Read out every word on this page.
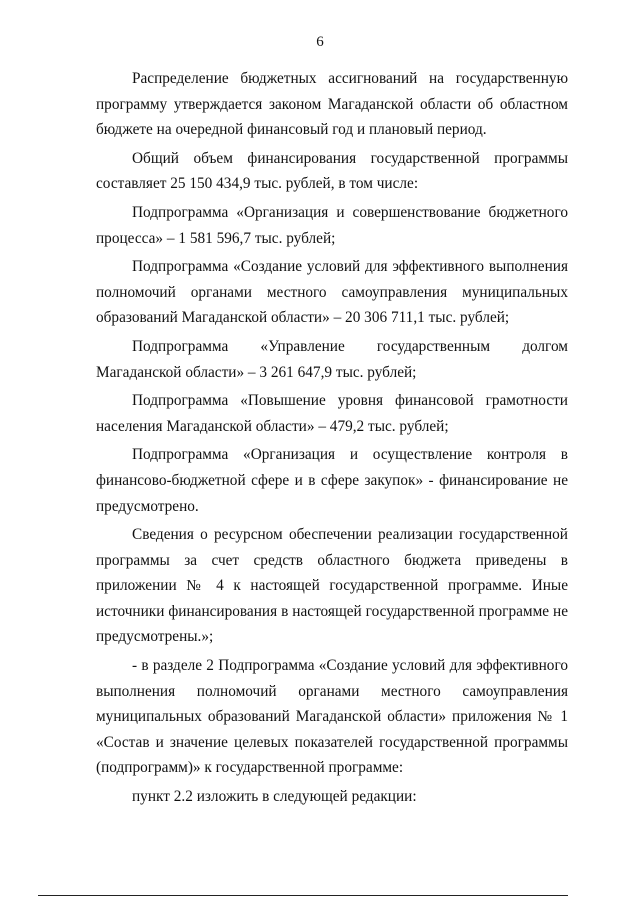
6

Распределение бюджетных ассигнований на государственную программу утверждается законом Магаданской области об областном бюджете на очередной финансовый год и плановый период.

Общий объем финансирования государственной программы составляет 25 150 434,9 тыс. рублей, в том числе:

Подпрограмма «Организация и совершенствование бюджетного процесса» – 1 581 596,7 тыс. рублей;

Подпрограмма «Создание условий для эффективного выполнения полномочий органами местного самоуправления муниципальных образований Магаданской области» – 20 306 711,1 тыс. рублей;

Подпрограмма «Управление государственным долгом Магаданской области» – 3 261 647,9 тыс. рублей;

Подпрограмма «Повышение уровня финансовой грамотности населения Магаданской области» – 479,2 тыс. рублей;

Подпрограмма «Организация и осуществление контроля в финансово-бюджетной сфере и в сфере закупок» - финансирование не предусмотрено.

Сведения о ресурсном обеспечении реализации государственной программы за счет средств областного бюджета приведены в приложении № 4 к настоящей государственной программе. Иные источники финансирования в настоящей государственной программе не предусмотрены.»;

- в разделе 2 Подпрограмма «Создание условий для эффективного выполнения полномочий органами местного самоуправления муниципальных образований Магаданской области» приложения № 1 «Состав и значение целевых показателей государственной программы (подпрограмм)» к государственной программе:

пункт 2.2 изложить в следующей редакции:
